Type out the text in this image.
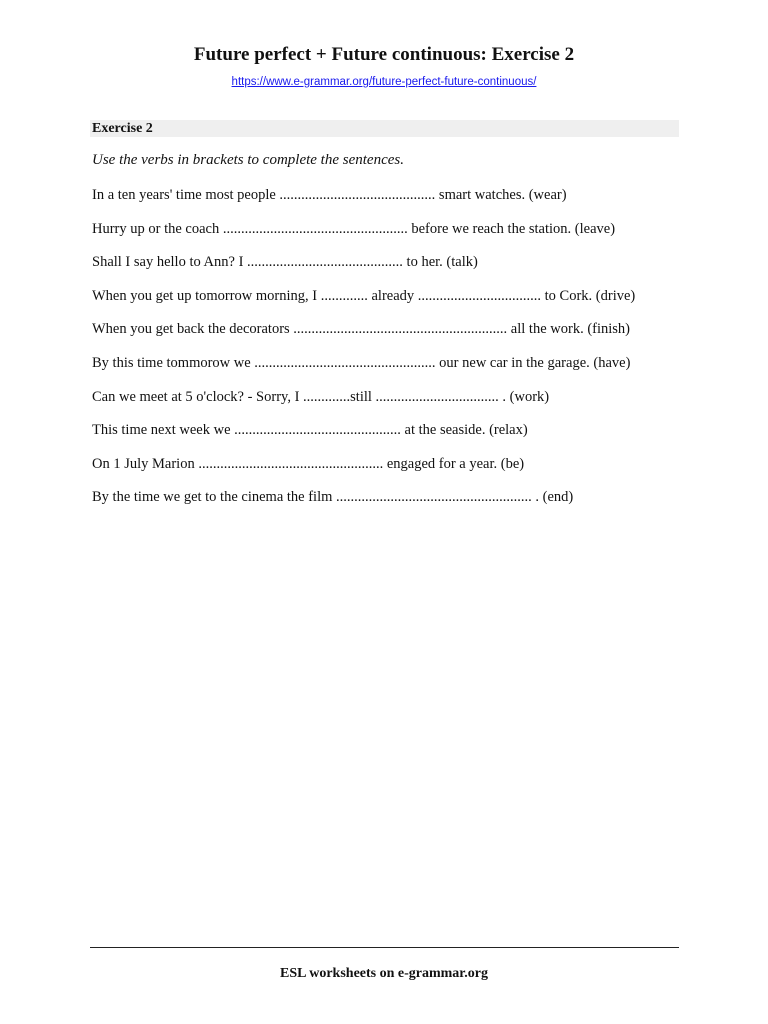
Future perfect + Future continuous: Exercise 2
https://www.e-grammar.org/future-perfect-future-continuous/
Exercise 2
Use the verbs in brackets to complete the sentences.
In a ten years' time most people ........................................... smart watches. (wear)
Hurry up or the coach ................................................... before we reach the station. (leave)
Shall I say hello to Ann? I ........................................... to her. (talk)
When you get up tomorrow morning, I ............. already .................................. to Cork. (drive)
When you get back the decorators ........................................................... all the work. (finish)
By this time tommorow we .................................................. our new car in the garage. (have)
Can we meet at 5 o'clock? - Sorry, I .............still .................................. . (work)
This time next week we .............................................. at the seaside. (relax)
On 1 July Marion ................................................... engaged for a year. (be)
By the time we get to the cinema the film ...................................................... . (end)
ESL worksheets on e-grammar.org
